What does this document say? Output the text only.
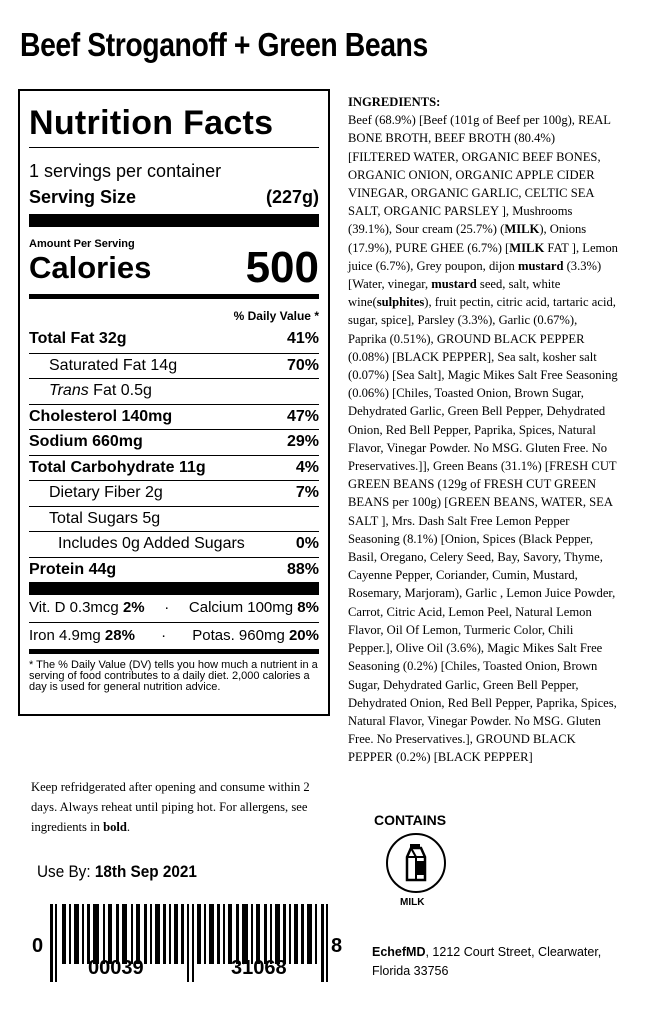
Beef Stroganoff + Green Beans
Nutrition Facts
1 servings per container
Serving Size	(227g)
Amount Per Serving
Calories 500
% Daily Value *
Total Fat 32g	41%
Saturated Fat 14g	70%
Trans Fat 0.5g
Cholesterol 140mg	47%
Sodium 660mg	29%
Total Carbohydrate 11g	4%
Dietary Fiber 2g	7%
Total Sugars 5g
Includes 0g Added Sugars	0%
Protein 44g	88%
Vit. D 0.3mcg 2% · Calcium 100mg 8%
Iron 4.9mg 28% · Potas. 960mg 20%
* The % Daily Value (DV) tells you how much a nutrient in a serving of food contributes to a daily diet. 2,000 calories a day is used for general nutrition advice.
INGREDIENTS:
Beef (68.9%) [Beef (101g of Beef per 100g), REAL BONE BROTH, BEEF BROTH (80.4%) [FILTERED WATER, ORGANIC BEEF BONES, ORGANIC ONION, ORGANIC APPLE CIDER VINEGAR, ORGANIC GARLIC, CELTIC SEA SALT, ORGANIC PARSLEY ], Mushrooms (39.1%), Sour cream (25.7%) (MILK), Onions (17.9%), PURE GHEE (6.7%) [MILK FAT ], Lemon juice (6.7%), Grey poupon, dijon mustard (3.3%) [Water, vinegar, mustard seed, salt, white wine(sulphites), fruit pectin, citric acid, tartaric acid, sugar, spice], Parsley (3.3%), Garlic (0.67%), Paprika (0.51%), GROUND BLACK PEPPER (0.08%) [BLACK PEPPER], Sea salt, kosher salt (0.07%) [Sea Salt], Magic Mikes Salt Free Seasoning (0.06%) [Chiles, Toasted Onion, Brown Sugar, Dehydrated Garlic, Green Bell Pepper, Dehydrated Onion, Red Bell Pepper, Paprika, Spices, Natural Flavor, Vinegar Powder. No MSG. Gluten Free. No Preservatives.]], Green Beans (31.1%) [FRESH CUT GREEN BEANS (129g of FRESH CUT GREEN BEANS per 100g) [GREEN BEANS, WATER, SEA SALT ], Mrs. Dash Salt Free Lemon Pepper Seasoning (8.1%) [Onion, Spices (Black Pepper, Basil, Oregano, Celery Seed, Bay, Savory, Thyme, Cayenne Pepper, Coriander, Cumin, Mustard, Rosemary, Marjoram), Garlic , Lemon Juice Powder, Carrot, Citric Acid, Lemon Peel, Natural Lemon Flavor, Oil Of Lemon, Turmeric Color, Chili Pepper.], Olive Oil (3.6%), Magic Mikes Salt Free Seasoning (0.2%) [Chiles, Toasted Onion, Brown Sugar, Dehydrated Garlic, Green Bell Pepper, Dehydrated Onion, Red Bell Pepper, Paprika, Spices, Natural Flavor, Vinegar Powder. No MSG. Gluten Free. No Preservatives.], GROUND BLACK PEPPER (0.2%) [BLACK PEPPER]
Keep refridgerated after opening and consume within 2 days. Always reheat until piping hot. For allergens, see ingredients in bold.	CONTAINS
MILK
Use By: 18th Sep 2021
0
00039	31068
8 EchefMD, 1212 Court Street, Clearwater, Florida 33756
